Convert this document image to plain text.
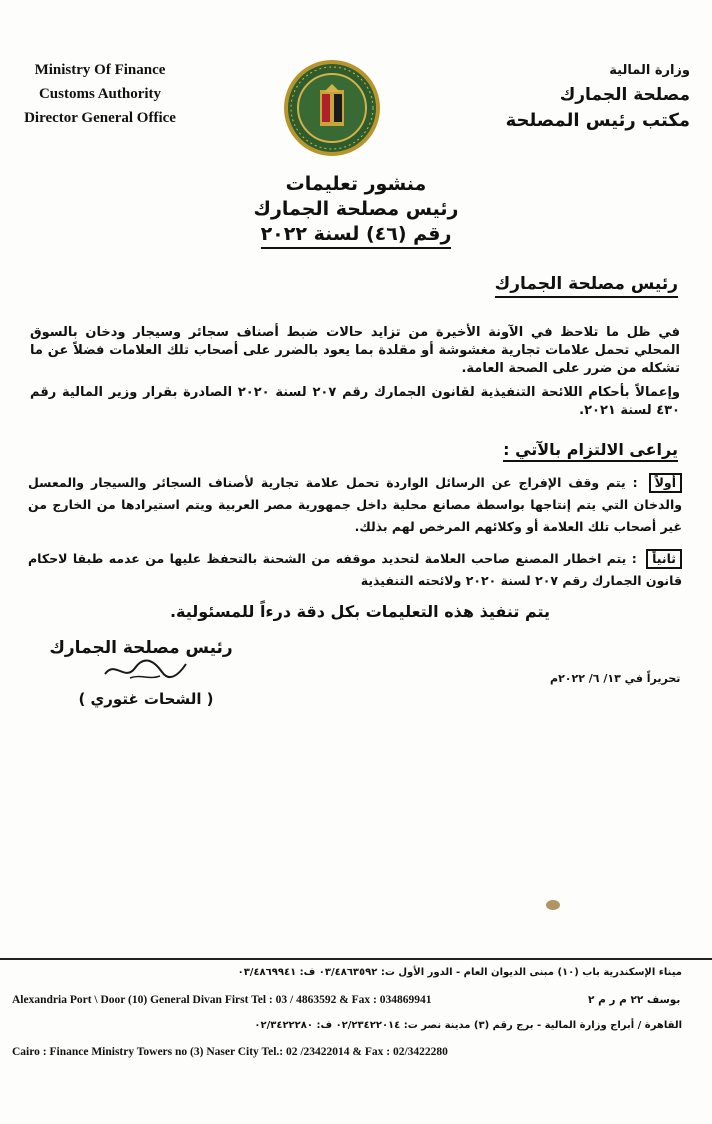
Ministry Of Finance
Customs Authority
Director General Office
وزارة المالية
مصلحة الجمارك
مكتب رئيس المصلحة
منشور تعليمات
رئيس مصلحة الجمارك
رقم (٤٦) لسنة ٢٠٢٢
رئيس مصلحة الجمارك
في ظل ما تلاحظ في الآونة الأخيرة من تزايد حالات ضبط أصناف سجائر وسيجار ودخان بالسوق المحلي تحمل علامات تجارية مغشوشة أو مقلدة بما يعود بالضرر على أصحاب تلك العلامات فضلاً عن ما تشكله من ضرر على الصحة العامة.
وإعمالاً بأحكام اللائحة التنفيذية لقانون الجمارك رقم ٢٠٧ لسنة ٢٠٢٠ الصادرة بقرار وزير المالية رقم ٤٣٠ لسنة ٢٠٢١.
يراعى الالتزام بالآتي :
أولاً : يتم وقف الإفراج عن الرسائل الواردة تحمل علامة تجارية لأصناف السجائر والسيجار والمعسل والدخان التي يتم إنتاجها بواسطة مصانع محلية داخل جمهورية مصر العربية ويتم استيرادها من الخارج من غير أصحاب تلك العلامة أو وكلائهم المرخص لهم بذلك.
ثانياً : يتم اخطار المصنع صاحب العلامة لتحديد موقفه من الشحنة بالتحفظ عليها من عدمه طبقا لاحكام قانون الجمارك رقم ٢٠٧ لسنة ٢٠٢٠ ولائحته التنفيذية
يتم تنفيذ هذه التعليمات بكل دقة درءاً للمسئولية.
رئيس مصلحة الجمارك
( الشحات غتوري )
تحريراً في ١٣/ ٦/ ٢٠٢٢م
ميناء الإسكندرية باب (١٠) مبنى الديوان العام - الدور الأول ت: ٠٣/٤٨٦٣٥٩٢ ف: ٠٣/٤٨٦٩٩٤١
بوسف ٢٢ م ر م ٢
Alexandria Port \ Door (10) General Divan First Tel : 03 / 4863592 & Fax : 034869941
القاهرة / أبراج وزارة المالية - برج رقم (٣) مدينة نصر ت: ٠٢/٢٣٤٢٢٠١٤ ف: ٠٢/٣٤٢٢٢٨٠
Cairo : Finance Ministry Towers no (3) Naser City Tel.: 02 /23422014 & Fax : 02/3422280
